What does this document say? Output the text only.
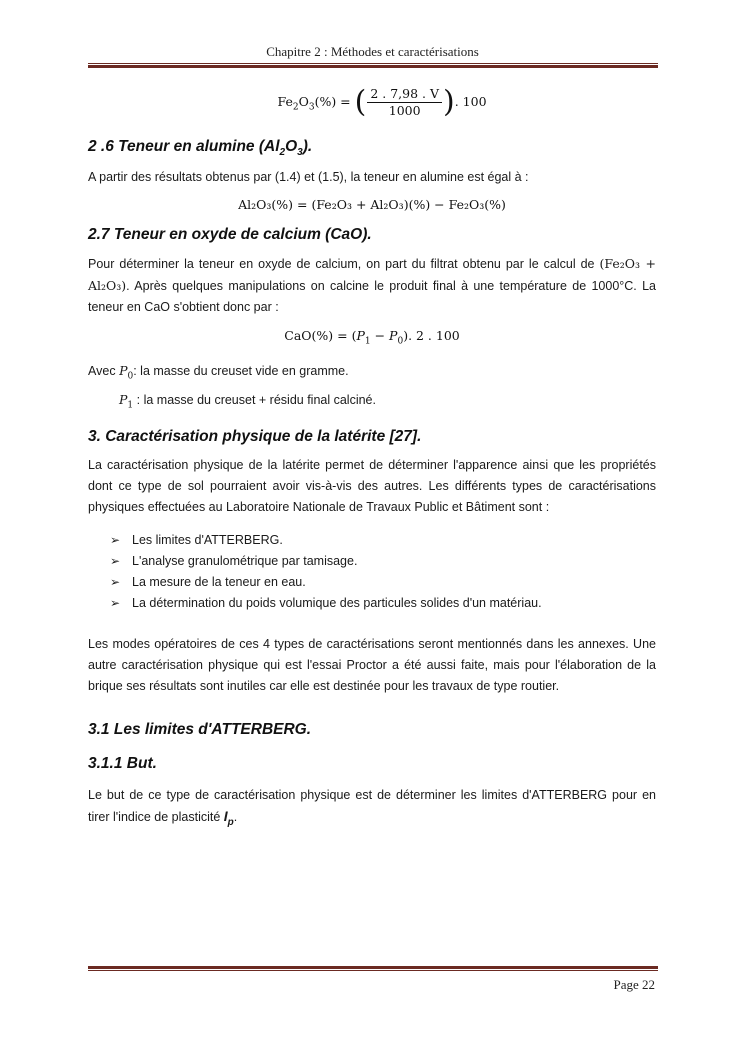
Chapitre 2 : Méthodes et caractérisations
$Fe_2O_3(\%)$ = ( $\frac{2 . 7,98 . V}{1000}$ ). 100
2 .6 Teneur en alumine $(Al_2O_3)$.

A partir des résultats obtenus par (1.4) et (1.5), la teneur en alumine est égal à :

Al₂O₃(%) = (Fe₂O₃ + Al₂O₃)(%) − Fe₂O₃(%)
2.7 Teneur en oxyde de calcium (CaO).

Pour déterminer la teneur en oxyde de calcium, on part du filtrat obtenu par le calcul de (Fe₂O₃ + Al₂O₃). Après quelques manipulations on calcine le produit final à une température de 1000°C. La teneur en CaO s'obtient donc par :

$CaO(\%) = (P_1 - P_0)$. 2 . 100

Avec $P_0$: la masse du creuset vide en gramme.

$P_1$ : la masse du creuset + résidu final calciné.

3. Caractérisation physique de la latérite [27].

La caractérisation physique de la latérite permet de déterminer l'apparence ainsi que les propriétés dont ce type de sol pourraient avoir vis-à-vis des autres. Les différents types de caractérisations physiques effectuées au Laboratoire Nationale de Travaux Public et Bâtiment sont :

➢ Les limites d'ATTERBERG.
➢ L'analyse granulométrique par tamisage.
➢ La mesure de la teneur en eau.
➢ La détermination du poids volumique des particules solides d'un matériau.

Les modes opératoires de ces 4 types de caractérisations seront mentionnés dans les annexes. Une autre caractérisation physique qui est l'essai Proctor a été aussi faite, mais pour l'élaboration de la brique ses résultats sont inutiles car elle est destinée pour les travaux de type routier.

3.1 Les limites d'ATTERBERG.
3.1.1 But.

Le but de ce type de caractérisation physique est de déterminer les limites d'ATTERBERG pour en tirer l'indice de plasticité $I_p$.

Page 22
